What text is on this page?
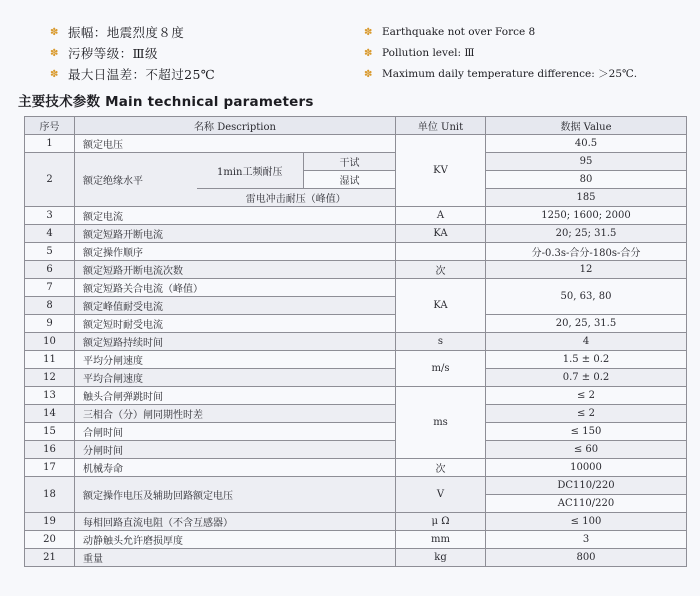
✽ 振幅：地震烈度８度
✽ 污秽等级：Ⅲ级
✽ 最大日温差：不超过25℃
✽ Earthquake not over Force 8
✽ Pollution level: Ⅲ
✽ Maximum daily temperature difference: ＞25℃.
主要技术参数 Main technical parameters
序号	名称 Description			单位 Unit	数据 Value
1	额定电压			KV	40.5
2	额定绝缘水平	1min工频耐压	干试		95
			湿试		80
		雷电冲击耐压（峰值）			185
3	额定电流			A	1250; 1600; 2000
4	额定短路开断电流			KA	20; 25; 31.5
5	额定操作顺序				分-0.3s-合分-180s-合分
6	额定短路开断电流次数			次	12
7	额定短路关合电流（峰值）			KA	50, 63, 80
8	额定峰值耐受电流				
9	额定短时耐受电流				20, 25, 31.5
10	额定短路持续时间			s	4
11	平均分闸速度			m/s	1.5 ± 0.2
12	平均合闸速度				0.7 ± 0.2
13	触头合闸弹跳时间			ms	≤ 2
14	三相合（分）闸同期性时差				≤ 2
15	合闸时间				≤ 150
16	分闸时间				≤ 60
17	机械寿命			次	10000
18	额定操作电压及辅助回路额定电压			V	DC110/220
					AC110/220
19	每相回路直流电阻（不含互感器）			μ Ω	≤ 100
20	动静触头允许磨损厚度			mm	3
21	重量			kg	800
